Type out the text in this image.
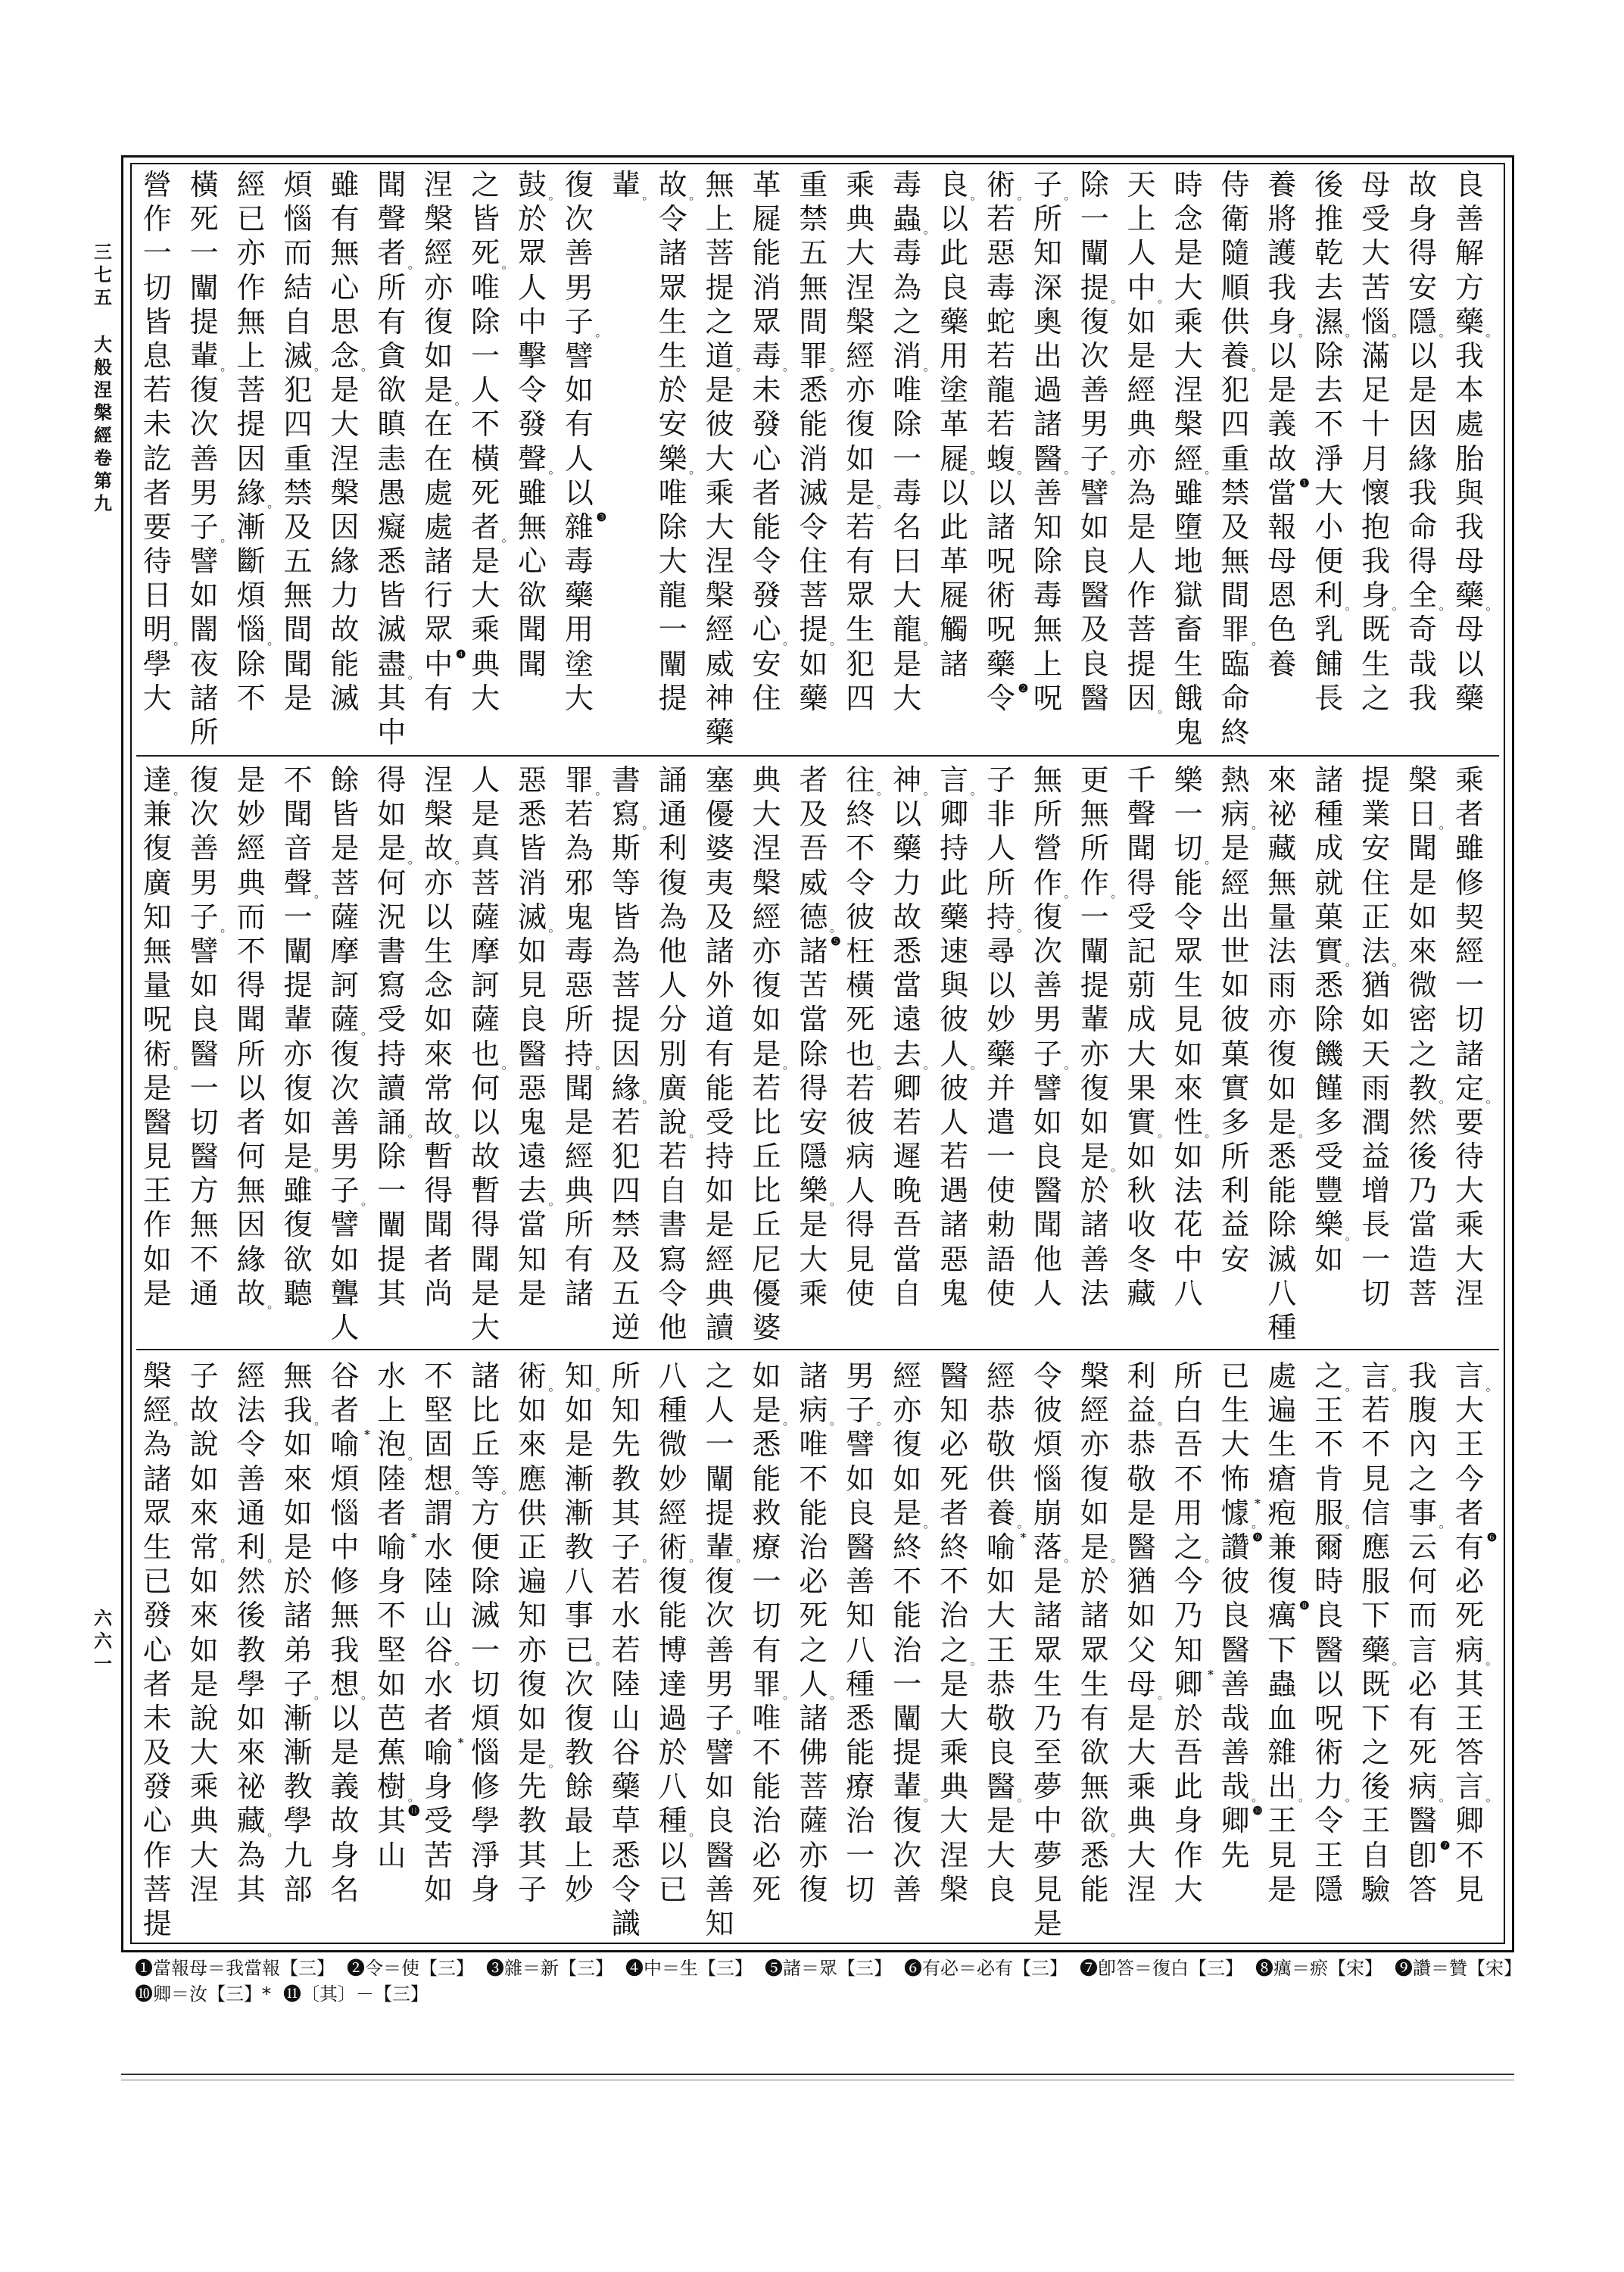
良
善
解
方
藥 。
我
本
處
胎
與
我
母
藥 。
母
以
藥
故
身
得
安
隱 。
以
是
因
緣
我
命
得
全 。
奇
哉
我
母
受
大
苦
惱 。
滿
足
十
月
懷
抱
我
身 。
既
生
之
後
推
乾
去
濕 。
除
去
不
淨
大
小
便
利 。
乳
餔
長
養
將
護
我
身 。
以
是
義
故
❶
當
報
母
恩
色
養
侍
衛
隨
順
供
養 。
犯
四
重
禁
及
無
間
罪 。
臨
命
終
時
念
是
大
乘
大
涅
槃
經 。
雖
墮
地
獄
畜
生
餓
鬼
天
上
人
中 。
如
是
經
典
亦
為
是
人
作
菩
提
因 。
除
一
闡
提 。
復
次
善
男
子 。
譬
如
良
醫
及
良
醫
子 。
所
知
深
奧
出
過
諸
醫 。
善
知
除
毒
無
上
呪
術 。
若
惡
毒
蛇
若
龍
若
蝮 。
以
諸
呪
術
呪
藥
❷
令
良 。
以
此
良
藥
用
塗
革
屣 。
以
此
革
屣
觸
諸
毒
蟲 。
毒
為
之
消 。
唯
除
一
毒
名
曰
大
龍 。
是
大
乘
典
大
涅
槃
經
亦
復
如
是 。
若
有
眾
生
犯
四
重
禁
五
無
間
罪 。
悉
能
消
滅
令
住
菩
提 。
如
藥
革
屣
能
消
眾
毒 。
未
發
心
者
能
令
發
心 。
安
住
無
上
菩
提
之
道 。
是
彼
大
乘
大
涅
槃
經
威
神
藥
故 。
令
諸
眾
生
生
於
安
樂 。
唯
除
大
龍
一
闡
提
輩 。
復
次
善
男
子 。
譬
如
有
人
以
❸
雜
毒
藥
用
塗
大
鼓 。
於
眾
人
中
擊
令
發
聲 。
雖
無
心
欲
聞
聞
之
皆
死 。
唯
除
一
人
不
橫
死
者 。
是
大
乘
典
大
涅
槃
經
亦
復
如
是 。
在
在
處
處
諸
行
眾
❹
中
有
聞
聲
者 。
所
有
貪
欲
瞋
恚
愚
癡
悉
皆
滅
盡 。
其
中
雖
有
無
心
思
念 。
是
大
涅
槃
因
緣
力
故
能
滅
煩
惱
而
結
自
滅 。
犯
四
重
禁
及
五
無
間
聞
是
經
已
亦
作
無
上
菩
提
因
緣 。
漸
斷
煩
惱 。
除
不
橫
死
一
闡
提
輩 。
復
次
善
男
子 。
譬
如
闇
夜
諸
所
營
作
一
切
皆
息
若
未
訖
者
要
待
日
明 。
學
大
乘
者
雖
修
契
經
一
切
諸
定 。
要
待
大
乘
大
涅
槃
日 。
聞
是
如
來
微
密
之
教 。
然
後
乃
當
造
菩
提
業
安
住
正
法 。
猶
如
天
雨
潤
益
增
長
一
切
諸
種
成
就
菓
實 。
悉
除
饑
饉
多
受
豐
樂 。
如
來
祕
藏
無
量
法
雨
亦
復
如
是 。
悉
能
除
滅
八
種
熱
病 。
是
經
出
世
如
彼
菓
實
多
所
利
益
安
樂
一
切 。
能
令
眾
生
見
如
來
性 。
如
法
花
中
八
千
聲
聞
得
受
記
莂
成
大
果
實 。
如
秋
收
冬
藏
更
無
所
作 。
一
闡
提
輩
亦
復
如
是 。
於
諸
善
法
無
所
營
作 。
復
次
善
男
子 。
譬
如
良
醫
聞
他
人
子
非
人
所
持 。
尋
以
妙
藥
并
遣
一
使
勅
語
使
言 。
卿
持
此
藥
速
與
彼
人 。
彼
人
若
遇
諸
惡
鬼
神 。
以
藥
力
故
悉
當
遠
去 。
卿
若
遲
晚
吾
當
自
往 。
終
不
令
彼
枉
橫
死
也 。
若
彼
病
人
得
見
使
者
及
吾
威
德 。
❺
諸
苦
當
除
得
安
隱
樂 。
是
大
乘
典
大
涅
槃
經
亦
復
如
是 。
若
比
丘
比
丘
尼
優
婆
塞
優
婆
夷
及
諸
外
道
有
能
受
持
如
是
經
典
讀
誦
通
利
復
為
他
人
分
別
廣
說 。
若
自
書
寫
令
他
書
寫 。
斯
等
皆
為
菩
提
因
緣 。
若
犯
四
禁
及
五
逆
罪 。
若
為
邪
鬼
毒
惡
所
持 。
聞
是
經
典
所
有
諸
惡
悉
皆
消
滅 。
如
見
良
醫
惡
鬼
遠
去 。
當
知
是
人
是
真
菩
薩
摩
訶
薩
也 。
何
以
故
暫
得
聞
是
大
涅
槃
故 。
亦
以
生
念
如
來
常
故 。
暫
得
聞
者
尚
得
如
是 。
何
況
書
寫
受
持
讀
誦 。
除
一
闡
提
其
餘
皆
是
菩
薩
摩
訶
薩 。
復
次
善
男
子 。
譬
如
聾
人
不
聞
音
聲 。
一
闡
提
輩
亦
復
如
是 。
雖
復
欲
聽
是
妙
經
典
而
不
得
聞
所
以
者
何
無
因
緣
故 。
復
次
善
男
子 。
譬
如
良
醫
一
切
醫
方
無
不
通
達 。
兼
復
廣
知
無
量
呪
術 。
是
醫
見
王
作
如
是
言 。
大
王
今
者
❻
有
必
死
病 。
其
王
答
言 。
卿
不
見
我
腹
內
之
事 。
云
何
而
言
必
有
死
病 。
醫
❼
卽
答
言 。
若
不
見
信
應
服
下
藥 。
既
下
之
後
王
自
驗
之 。
王
不
肯
服 。
爾
時
良
醫
以
呪
術
力 。
令
王
隱
處
遍
生
瘡
疱
兼
復
❽
癘
下
蟲
血
雜
出 。
王
見
是
已
生
大
怖
*
懅 。
❾
讚
彼
良
醫
善
哉
善
哉 。
❿
卿
先
所
白
吾
不
用
之 。
今
乃
知
*
卿
於
吾
此
身
作
大
利
益 。
恭
敬
是
醫
猶
如
父
母 。
是
大
乘
典
大
涅
槃
經
亦
復
如
是 。
於
諸
眾
生
有
欲
無
欲 。
悉
能
令
彼
煩
惱
崩
落 。
是
諸
眾
生
乃
至
夢
中
夢
見
是
經
恭
敬
供
養 。
*
喻
如
大
王
恭
敬
良
醫 。
是
大
良
醫
知
必
死
者
終
不
治
之 。
是
大
乘
典
大
涅
槃
經
亦
復
如
是 。
終
不
能
治
一
闡
提
輩 。
復
次
善
男
子 。
譬
如
良
醫
善
知
八
種
悉
能
療
治
一
切
諸
病 。
唯
不
能
治
必
死
之
人 。
諸
佛
菩
薩
亦
復
如
是 。
悉
能
救
療
一
切
有
罪 。
唯
不
能
治
必
死
之
人
一
闡
提
輩 。
復
次
善
男
子 。
譬
如
良
醫
善
知
八
種
微
妙
經
術 。
復
能
博
達
過
於
八
種 。
以
已
所
知
先
教
其
子 。
若
水
若
陸
山
谷
藥
草
悉
令
識
知 。
如
是
漸
漸
教
八
事
已 。
次
復
教
餘
最
上
妙
術 。
如
來
應
供
正
遍
知
亦
復
如
是 。
先
教
其
子
諸
比
丘
等 。
方
便
除
滅
一
切
煩
惱
修
學
淨
身
不
堅
固
想 。
謂
水
陸
山
谷 。
水
者
*
喻
身
受
苦
如
水
上
泡 。
陸
者
*
喻
身
不
堅
如
芭
蕉
樹 。
⓫
其
山
谷
者
*
喻
煩
惱
中
修
無
我
想 。
以
是
義
故
身
名
無
我 。
如
來
如
是
於
諸
弟
子 。
漸
漸
教
學
九
部
經
法
令
善
通
利 。
然
後
教
學
如
來
祕
藏 。
為
其
子
故
說
如
來
常 。
如
來
如
是
說
大
乘
典
大
涅
槃
經 。
為
諸
眾
生
已
發
心
者
未
及
發
心
作
菩
提
三七五
大般涅槃經卷第九
六六一
❶當報母＝我當報【三】 ❷令＝使【三】 ❸雜＝新【三】 ❹中＝生【三】 ❺諸＝眾【三】 ❻有必＝必有【三】 ❼卽答＝復白【三】 ❽癘＝瘀【宋】 ❾讚＝贊【宋】
❿卿＝汝【三】* ⓫〔其〕－【三】
